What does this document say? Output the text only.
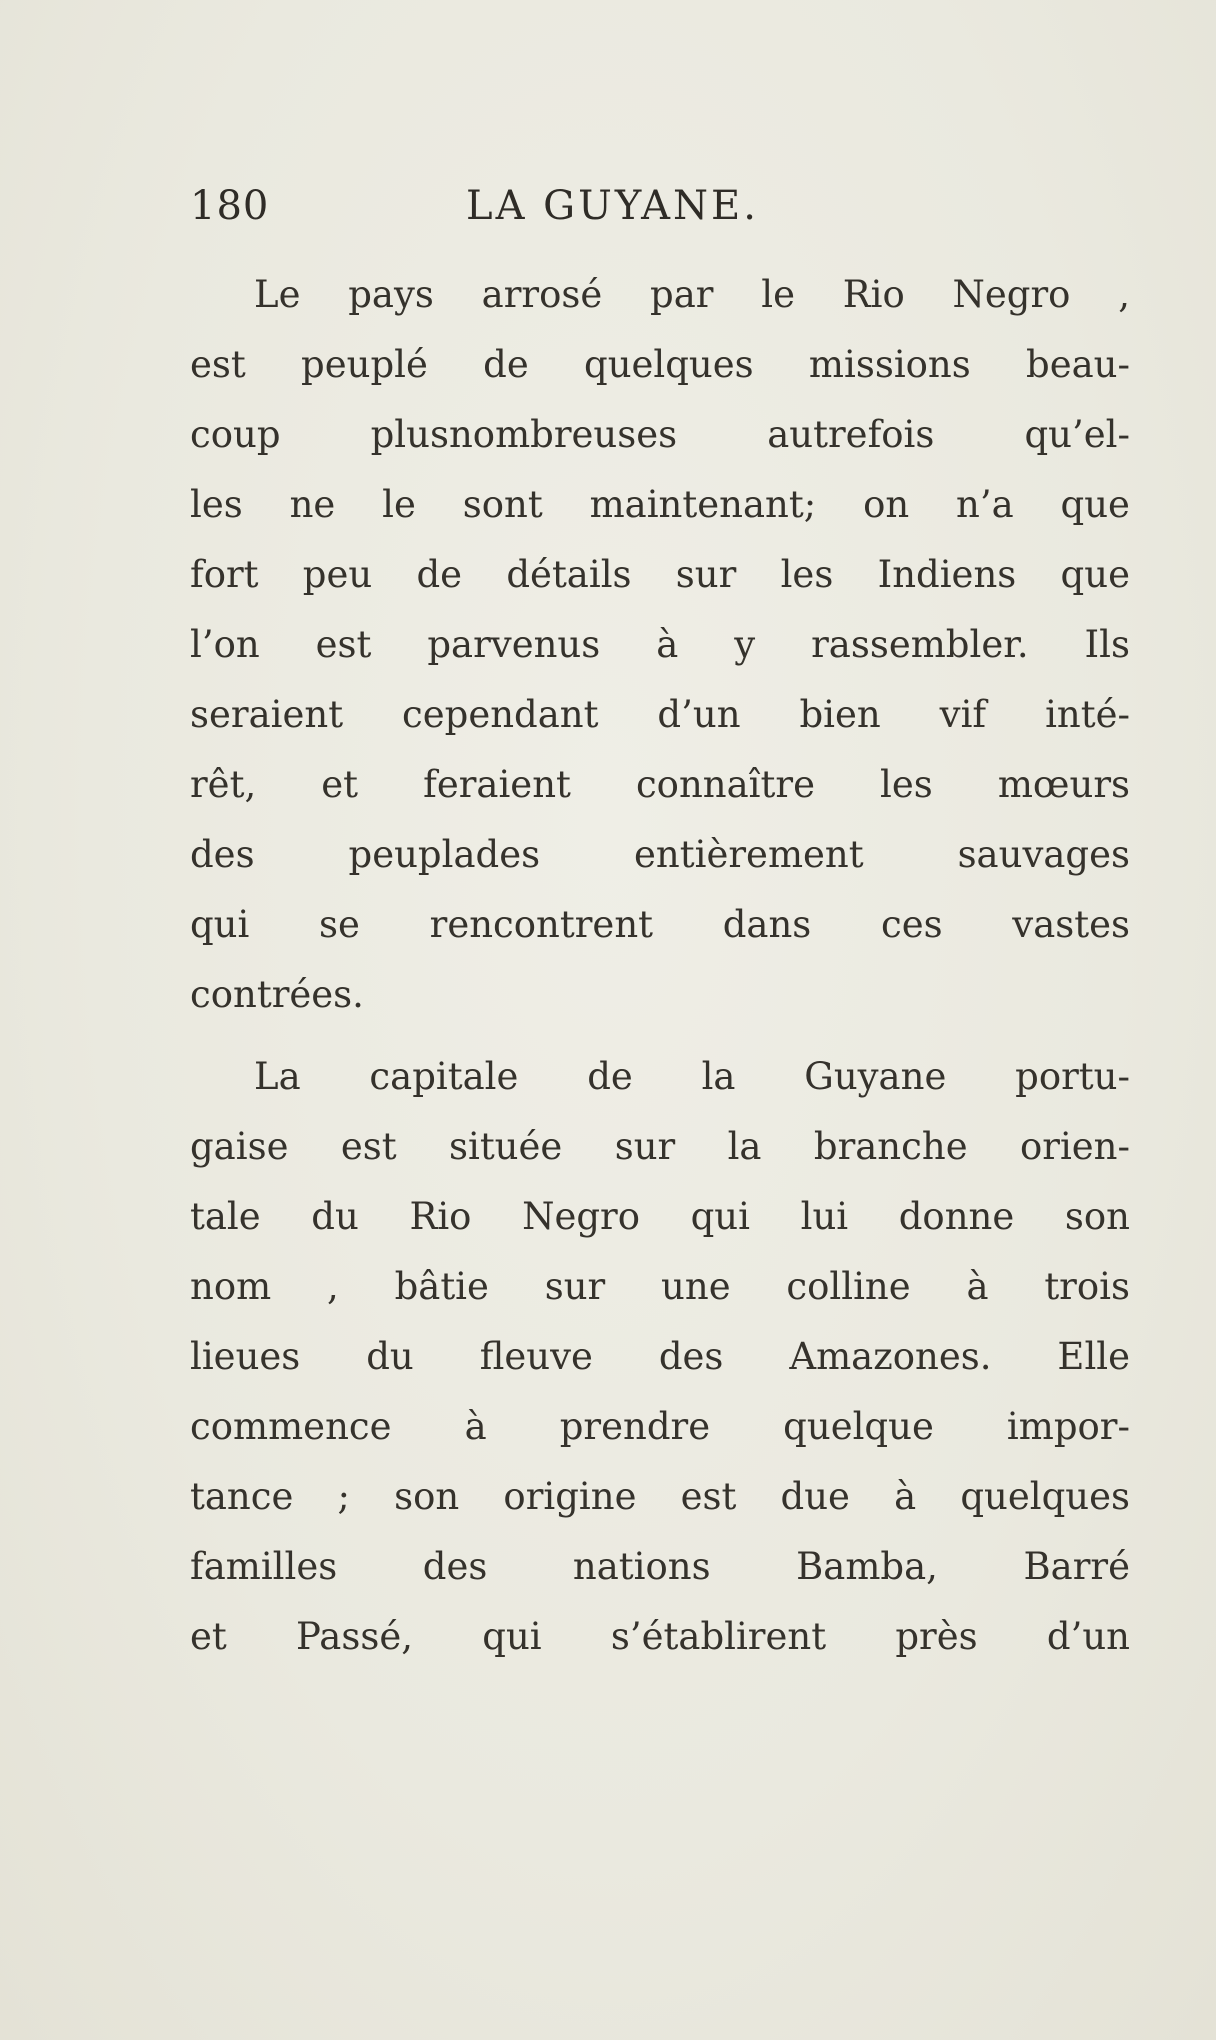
180	LA GUYANE.
Le pays arrosé par le Rio Negro ,
est peuplé de quelques missions beau-
coup plusnombreuses autrefois qu’el-
les ne le sont maintenant; on n’a que
fort peu de détails sur les Indiens que
l’on est parvenus à y rassembler. Ils
seraient cependant d’un bien vif inté-
rêt, et feraient connaître les mœurs
des peuplades entièrement sauvages
qui se rencontrent dans ces vastes
contrées.
La capitale de la Guyane portu-
gaise est située sur la branche orien-
tale du Rio Negro qui lui donne son
nom , bâtie sur une colline à trois
lieues du fleuve des Amazones. Elle
commence à prendre quelque impor-
tance ; son origine est due à quelques
familles des nations Bamba, Barré
et Passé, qui s’établirent près d’un
